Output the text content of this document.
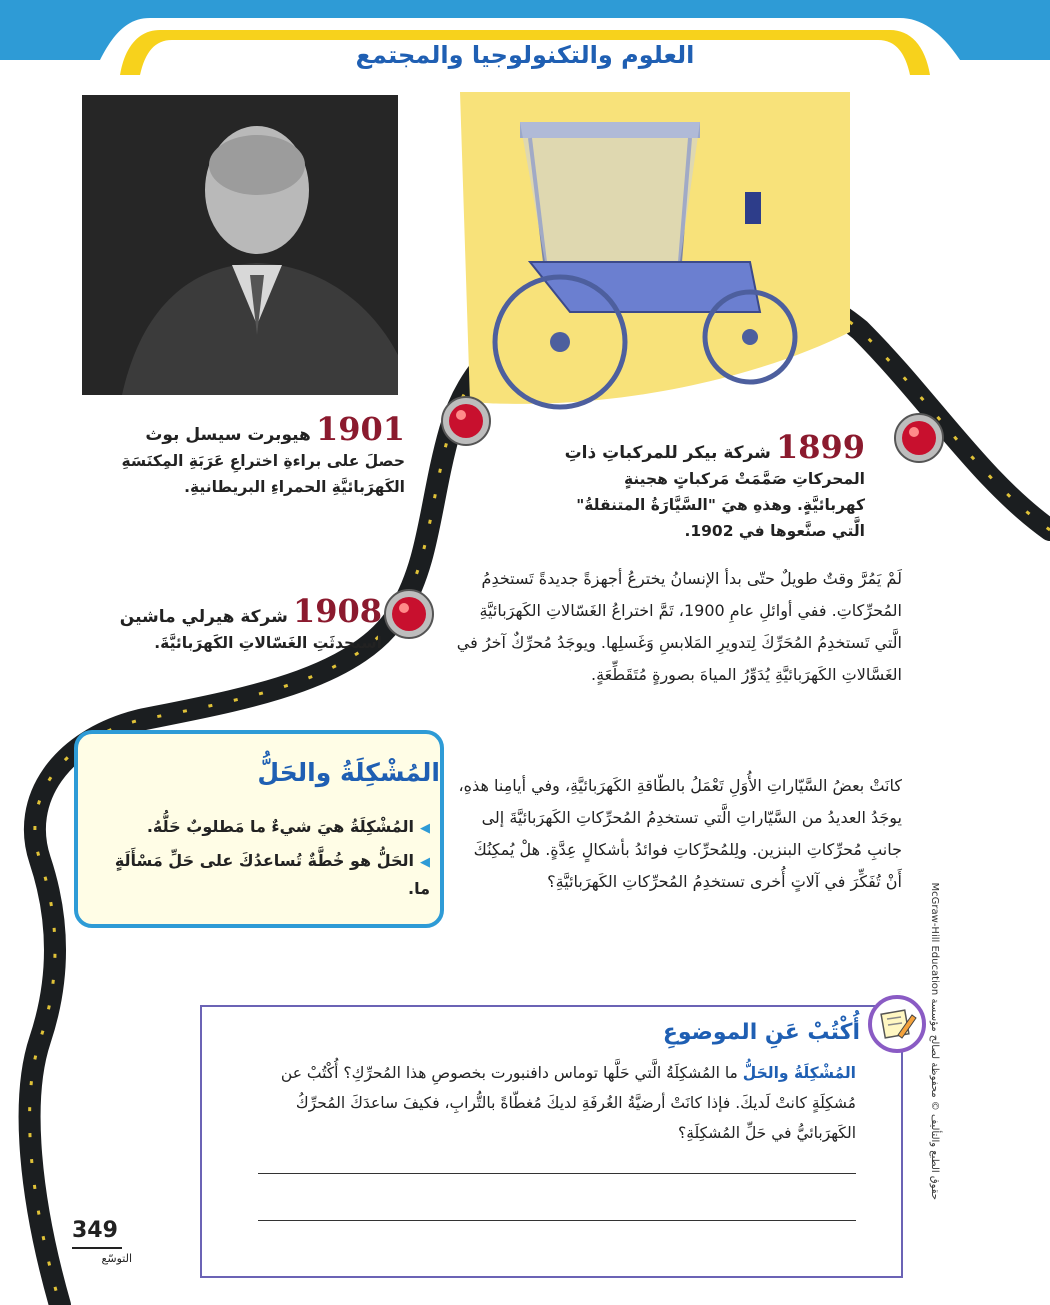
العلوم والتكنولوجيا والمجتمع
1899 شركة بيكر للمركباتِ ذاتِ
المحركاتِ صَمَّمَتْ مَركباتٍ هجينةٍ كهربائيَّةٍ. وهذهِ هيَ "السَّيَّارَةُ المتنقلةُ" الَّتي صنَّعوها في 1902.
1901 هيوبرت سيسل بوث
حصلَ على براءةِ اختراعِ عَرَبَةِ المِكنَسَةِ الكَهرَبائيَّةِ الحمراءِ البريطانيةِ.
1908 شركة هيرلي ماشين
استحدثَتِ الغَسّالاتِ الكَهرَبائيَّةَ.
لَمْ يَمُرَّ وقتٌ طويلٌ حتّى بدأ الإنسانُ يخترعُ أجهزةً جديدةً تَستخدِمُ المُحرِّكاتِ. ففي أوائلِ عامِ 1900، تَمَّ اختراعُ الغَسّالاتِ الكَهرَبائيَّةِ الَّتي تَستخدِمُ المُحَرِّكَ لِتدويرِ المَلابسِ وَغَسلِها. ويوجَدُ مُحرِّكٌ آخرُ في الغَسَّالاتِ الكَهرَبائيَّةِ يُدَوِّرُ المياهَ بصورةٍ مُتَقَطِّعَةٍ.
كانَتْ بعضُ السَّيّاراتِ الأُوَلِ تَعْمَلُ بالطّاقةِ الكَهرَبائيَّةِ، وفي أيامِنا هذهِ، يوجَدُ العديدُ من السَّيّاراتِ الَّتي تستخدِمُ المُحرِّكاتِ الكَهرَبائيَّةَ إلى جانبِ مُحرِّكاتِ البنزين. ولِلمُحرِّكاتِ فوائدُ بأشكالٍ عِدَّةٍ. هلْ يُمكِنُكَ أَنْ تُفَكِّرَ في آلاتٍ أُخرى تستخدِمُ المُحرِّكاتِ الكَهرَبائيَّةِ؟
المُشْكِلَةُ والحَلُّ
◀المُشْكِلَةُ هيَ شيءٌ ما مَطلوبٌ حَلُّهُ.
◀الحَلُّ هو خُطَّةٌ تُساعدُكَ على حَلِّ مَسْأَلَةٍ ما.
أُكْتُبْ عَنِ الموضوعِ
المُشْكِلَةُ والحَلُّ ما المُشكِلَةُ الَّتي حَلَّها توماس دافنبورت بخصوصِ هذا المُحرِّكِ؟ أُكْتُبْ عن مُشكِلَةٍ كانتْ لَديكَ. فإذا كانَتْ أرضيَّةُ الغُرفَةِ لديكَ مُغطّاةً بالتُّرابِ، فكيفَ ساعدَكَ المُحرِّكُ الكَهرَبائيُّ في حَلِّ المُشكِلَةِ؟
حقوق الطبع والتأليف © محفوظة لصالح مؤسسة McGraw-Hill Education
349
التوسّع
